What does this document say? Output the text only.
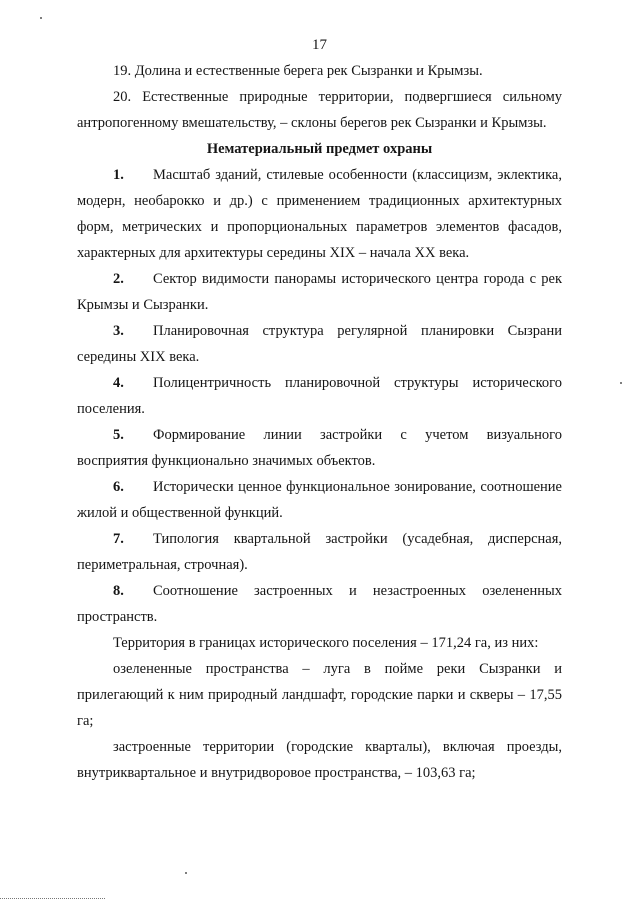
17

19. Долина и естественные берега рек Сызранки и Крымзы.

20. Естественные природные территории, подвергшиеся сильному антропогенному вмешательству, – склоны берегов рек Сызранки и Крымзы.

Нематериальный предмет охраны

1. Масштаб зданий, стилевые особенности (классицизм, эклектика, модерн, необарокко и др.) с применением традиционных архитектурных форм, метрических и пропорциональных параметров элементов фасадов, характерных для архитектуры середины XIX – начала XX века.

2. Сектор видимости панорамы исторического центра города с рек Крымзы и Сызранки.

3. Планировочная структура регулярной планировки Сызрани середины XIX века.

4. Полицентричность планировочной структуры исторического поселения.

5. Формирование линии застройки с учетом визуального восприятия функционально значимых объектов.

6. Исторически ценное функциональное зонирование, соотношение жилой и общественной функций.

7. Типология квартальной застройки (усадебная, дисперсная, периметральная, строчная).

8. Соотношение застроенных и незастроенных озелененных пространств.

Территория в границах исторического поселения – 171,24 га, из них:

озелененные пространства – луга в пойме реки Сызранки и прилегающий к ним природный ландшафт, городские парки и скверы – 17,55 га;

застроенные территории (городские кварталы), включая проезды, внутриквартальное и внутридворовое пространства, – 103,63 га;
